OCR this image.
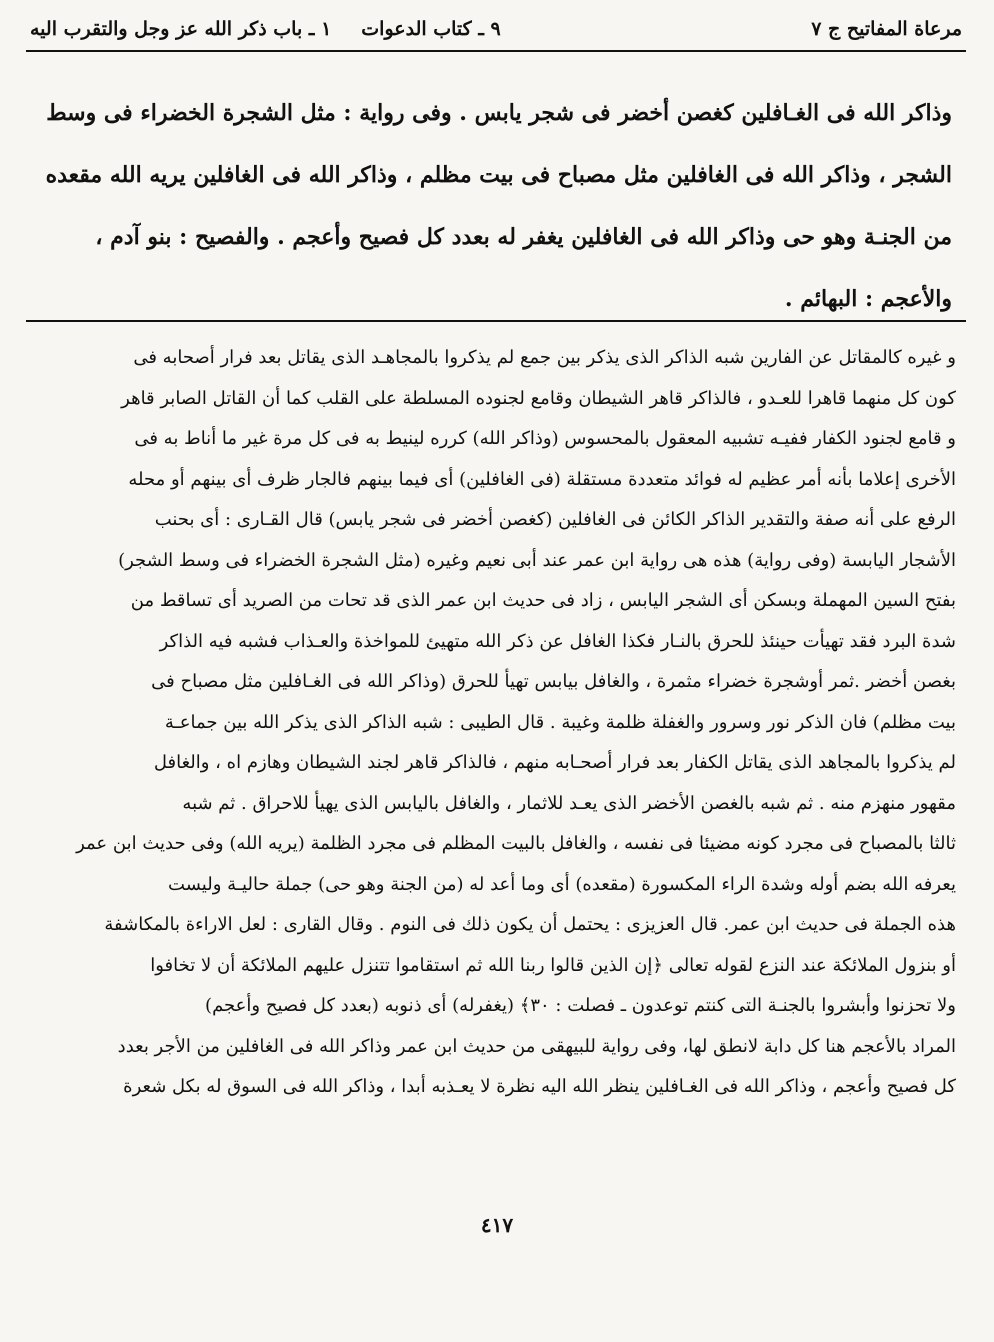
مرعاة المفاتيح ج ٧
٩ ـ كتاب الدعوات
١ ـ باب ذكر الله عز وجل والتقرب اليه

وذاكر الله فى الغـافلين كغصن أخضر فى شجر يابس . وفى رواية : مثل الشجرة الخضراء فى وسط

الشجر ، وذاكر الله فى الغافلين مثل مصباح فى بيت مظلم ، وذاكر الله فى الغافلين يريه الله مقعده

من الجنـة وهو حى وذاكر الله فى الغافلين يغفر له بعدد كل فصيح وأعجم . والفصيح : بنو آدم ،

والأعجم : البهائم .

و غيره كالمقاتل عن الفارين شبه الذاكر الذى يذكر بين جمع لم يذكروا بالمجاهـد الذى يقاتل بعد فرار أصحابه فى

كون كل منهما قاهرا للعـدو ، فالذاكر قاهر الشيطان وقامع لجنوده المسلطة على القلب كما أن القاتل الصابر قاهر

و قامع لجنود الكفار ففيـه تشبيه المعقول بالمحسوس (وذاكر الله) كرره لينيط به فى كل مرة غير ما أناط به فى

الأخرى إعلاما بأنه أمر عظيم له فوائد متعددة مستقلة (فى الغافلين) أى فيما بينهم فالجار ظرف أى بينهم أو محله

الرفع على أنه صفة والتقدير الذاكر الكائن فى الغافلين (كغصن أخضر فى شجر يابس) قال القـارى : أى بحنب

الأشجار اليابسة (وفى رواية) هذه هى رواية ابن عمر عند أبى نعيم وغيره (مثل الشجرة الخضراء فى وسط الشجر)

بفتح السين المهملة وبسكن أى الشجر اليابس ، زاد فى حديث ابن عمر الذى قد تحات من الصريد أى تساقط من

شدة البرد فقد تهيأت حينئذ للحرق بالنـار فكذا الغافل عن ذكر الله متهيئ للمواخذة والعـذاب فشبه فيه الذاكر

بغصن أخضر .ثمر أوشجرة خضراء مثمرة ، والغافل بيابس تهيأ للحرق (وذاكر الله فى الغـافلين مثل مصباح فى

بيت مظلم) فان الذكر نور وسرور والغفلة ظلمة وغيبة . قال الطيبى : شبه الذاكر الذى يذكر الله بين جماعـة

لم يذكروا بالمجاهد الذى يقاتل الكفار بعد فرار أصحـابه منهم ، فالذاكر قاهر لجند الشيطان وهازم اه ، والغافل

مقهور منهزم منه . ثم شبه بالغصن الأخضر الذى يعـد للاثمار ، والغافل باليابس الذى يهيأ للاحراق . ثم شبه

ثالثا بالمصباح فى مجرد كونه مضيئا فى نفسه ، والغافل بالبيت المظلم فى مجرد الظلمة (يريه الله) وفى حديث ابن عمر

يعرفه الله بضم أوله وشدة الراء المكسورة (مقعده) أى وما أعد له (من الجنة وهو حى) جملة حاليـة وليست

هذه الجملة فى حديث ابن عمر. قال العزيزى : يحتمل أن يكون ذلك فى النوم . وقال القارى : لعل الاراءة بالمكاشفة

أو بنزول الملائكة عند النزع لقوله تعالى ﴿إن الذين قالوا ربنا الله ثم استقاموا تتنزل عليهم الملائكة أن لا تخافوا

ولا تحزنوا وأبشروا بالجنـة التى كنتم توعدون ـ فصلت : ٣٠﴾ (يغفرله) أى ذنوبه (بعدد كل فصيح وأعجم)

المراد بالأعجم هنا كل دابة لانطق لها، وفى رواية للبيهقى من حديث ابن عمر وذاكر الله فى الغافلين من الأجر بعدد

كل فصيح وأعجم ، وذاكر الله فى الغـافلين ينظر الله اليه نظرة لا يعـذبه أبدا ، وذاكر الله فى السوق له بكل شعرة

٤١٧
